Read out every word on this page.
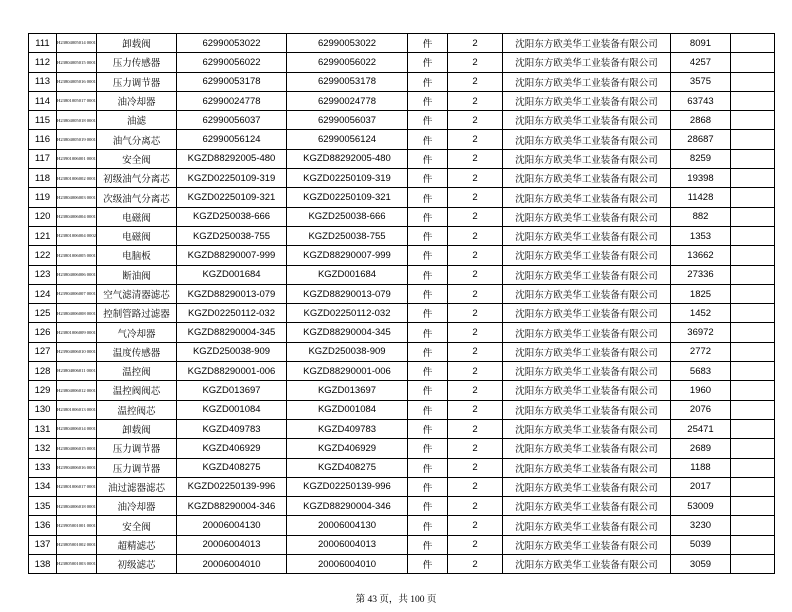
111	H23804005014 0001	卸载阀	62990053022	62990053022	件	2	沈阳东方欧美华工业装备有限公司	8091	
112	H23804005015 0001	压力传感器	62990056022	62990056022	件	2	沈阳东方欧美华工业装备有限公司	4257	
113	H23804005016 0001	压力调节器	62990053178	62990053178	件	2	沈阳东方欧美华工业装备有限公司	3575	
114	H23801005017 0001	油冷却器	62990024778	62990024778	件	2	沈阳东方欧美华工业装备有限公司	63743	
115	H23804005018 0001	油滤	62990056037	62990056037	件	2	沈阳东方欧美华工业装备有限公司	2868	
116	H23804005019 0001	油气分离芯	62990056124	62990056124	件	2	沈阳东方欧美华工业装备有限公司	28687	
117	H23901006001 0001	安全阀	KGZD88292005-480	KGZD88292005-480	件	2	沈阳东方欧美华工业装备有限公司	8259	
118	H23801006002 0001	初级油气分离芯	KGZD02250109-319	KGZD02250109-319	件	2	沈阳东方欧美华工业装备有限公司	19398	
119	H23804006003 0001	次级油气分离芯	KGZD02250109-321	KGZD02250109-321	件	2	沈阳东方欧美华工业装备有限公司	11428	
120	H23804006004 0001	电磁阀	KGZD250038-666	KGZD250038-666	件	2	沈阳东方欧美华工业装备有限公司	882	
121	H23801006004 0002	电磁阀	KGZD250038-755	KGZD250038-755	件	2	沈阳东方欧美华工业装备有限公司	1353	
122	H23801006005 0001	电脑板	KGZD88290007-999	KGZD88290007-999	件	2	沈阳东方欧美华工业装备有限公司	13662	
123	H23804006006 0001	断油阀	KGZD001684	KGZD001684	件	2	沈阳东方欧美华工业装备有限公司	27336	
124	H23904006007 0001	空气滤清器滤芯	KGZD88290013-079	KGZD88290013-079	件	2	沈阳东方欧美华工业装备有限公司	1825	
125	H23804006008 0001	控制管路过滤器	KGZD02250112-032	KGZD02250112-032	件	2	沈阳东方欧美华工业装备有限公司	1452	
126	H23801006009 0001	气冷却器	KGZD88290004-345	KGZD88290004-345	件	2	沈阳东方欧美华工业装备有限公司	36972	
127	H23904006010 0001	温度传感器	KGZD250038-909	KGZD250038-909	件	2	沈阳东方欧美华工业装备有限公司	2772	
128	H23804006011 0001	温控阀	KGZD88290001-006	KGZD88290001-006	件	2	沈阳东方欧美华工业装备有限公司	5683	
129	H23804006012 0001	温控阀阀芯	KGZD013697	KGZD013697	件	2	沈阳东方欧美华工业装备有限公司	1960	
130	H23801006013 0001	温控阀芯	KGZD001084	KGZD001084	件	2	沈阳东方欧美华工业装备有限公司	2076	
131	H23804006014 0001	卸载阀	KGZD409783	KGZD409783	件	2	沈阳东方欧美华工业装备有限公司	25471	
132	H23804006015 0001	压力调节器	KGZD406929	KGZD406929	件	2	沈阳东方欧美华工业装备有限公司	2689	
133	H23904006016 0001	压力调节器	KGZD408275	KGZD408275	件	2	沈阳东方欧美华工业装备有限公司	1188	
134	H23801006017 0001	油过滤器滤芯	KGZD02250139-996	KGZD02250139-996	件	2	沈阳东方欧美华工业装备有限公司	2017	
135	H23804006018 0001	油冷却器	KGZD88290004-346	KGZD88290004-346	件	2	沈阳东方欧美华工业装备有限公司	53009	
136	H23905001001 0001	安全阀	20006004130	20006004130	件	2	沈阳东方欧美华工业装备有限公司	3230	
137	H23805001002 0001	超精滤芯	20006004013	20006004013	件	2	沈阳东方欧美华工业装备有限公司	5039	
138	H23805001003 0001	初级滤芯	20006004010	20006004010	件	2	沈阳东方欧美华工业装备有限公司	3059	
第 43 页，共 100 页
